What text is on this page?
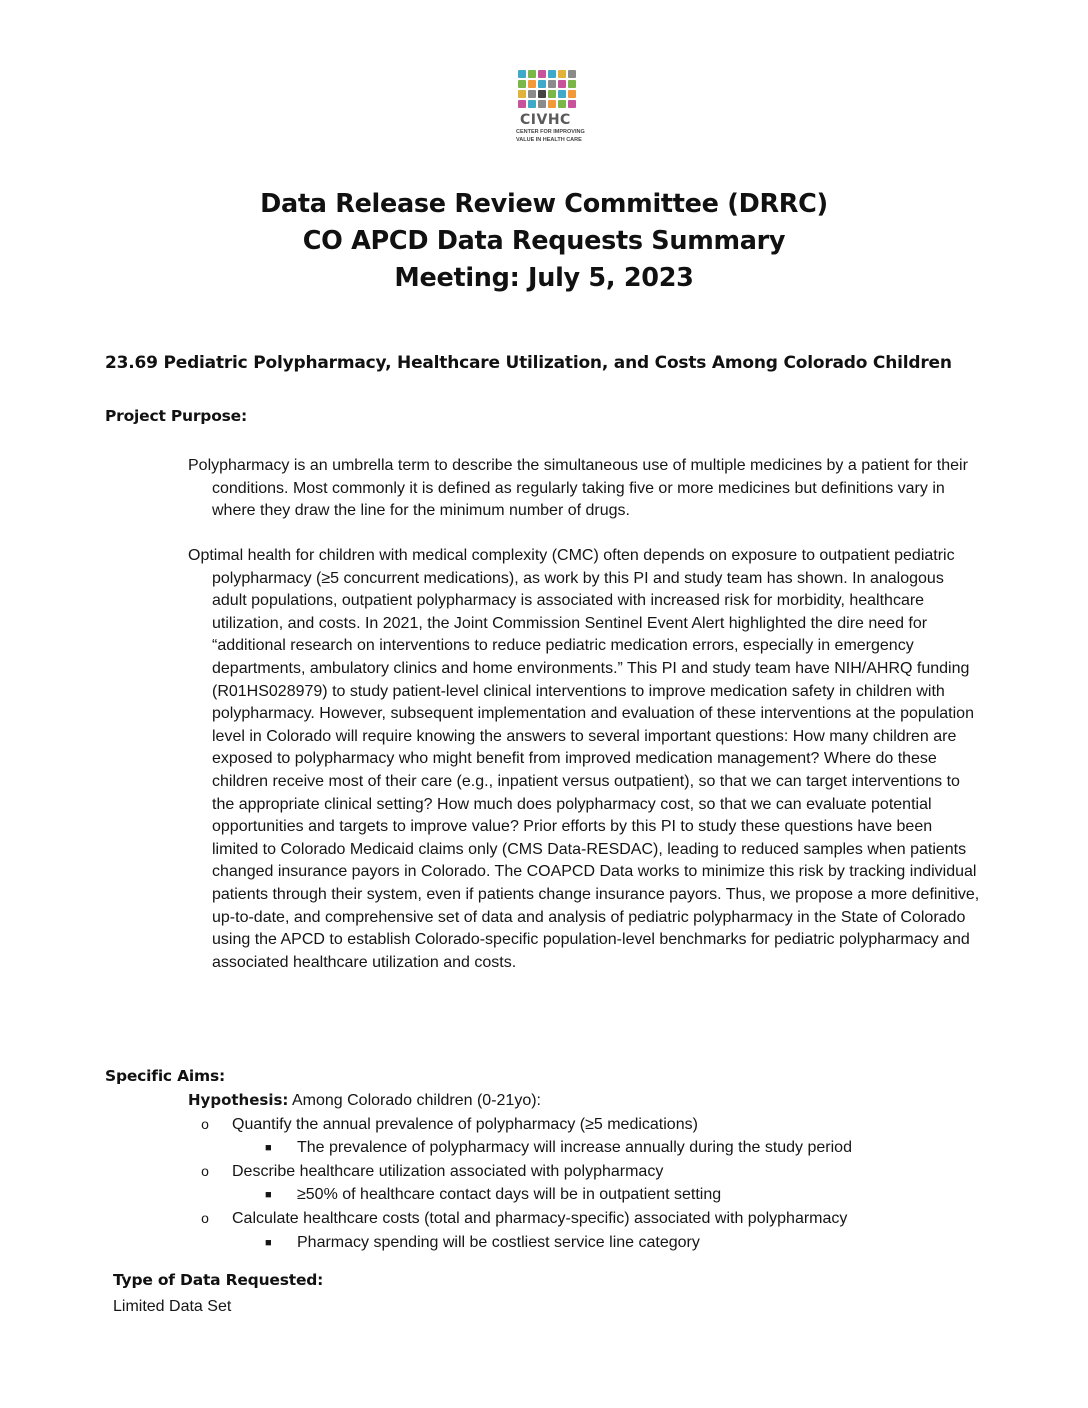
CIVHC
CENTER FOR IMPROVING
VALUE IN HEALTH CARE
Data Release Review Committee (DRRC)
CO APCD Data Requests Summary
Meeting: July 5, 2023
23.69 Pediatric Polypharmacy, Healthcare Utilization, and Costs Among Colorado Children
Project Purpose:
Polypharmacy is an umbrella term to describe the simultaneous use of multiple medicines by a patient for their conditions. Most commonly it is defined as regularly taking five or more medicines but definitions vary in where they draw the line for the minimum number of drugs.
Optimal health for children with medical complexity (CMC) often depends on exposure to outpatient pediatric polypharmacy (≥5 concurrent medications), as work by this PI and study team has shown. In analogous adult populations, outpatient polypharmacy is associated with increased risk for morbidity, healthcare utilization, and costs. In 2021, the Joint Commission Sentinel Event Alert highlighted the dire need for “additional research on interventions to reduce pediatric medication errors, especially in emergency departments, ambulatory clinics and home environments.” This PI and study team have NIH/AHRQ funding (R01HS028979) to study patient-level clinical interventions to improve medication safety in children with polypharmacy. However, subsequent implementation and evaluation of these interventions at the population level in Colorado will require knowing the answers to several important questions: How many children are exposed to polypharmacy who might benefit from improved medication management? Where do these children receive most of their care (e.g., inpatient versus outpatient), so that we can target interventions to the appropriate clinical setting? How much does polypharmacy cost, so that we can evaluate potential opportunities and targets to improve value? Prior efforts by this PI to study these questions have been limited to Colorado Medicaid claims only (CMS Data-RESDAC), leading to reduced samples when patients changed insurance payors in Colorado. The COAPCD Data works to minimize this risk by tracking individual patients through their system, even if patients change insurance payors. Thus, we propose a more definitive, up-to-date, and comprehensive set of data and analysis of pediatric polypharmacy in the State of Colorado using the APCD to establish Colorado-specific population-level benchmarks for pediatric polypharmacy and associated healthcare utilization and costs.
Specific Aims:
Hypothesis: Among Colorado children (0-21yo):
o Quantify the annual prevalence of polypharmacy (≥5 medications)
■ The prevalence of polypharmacy will increase annually during the study period
o Describe healthcare utilization associated with polypharmacy
■ ≥50% of healthcare contact days will be in outpatient setting
o Calculate healthcare costs (total and pharmacy-specific) associated with polypharmacy
■ Pharmacy spending will be costliest service line category
Type of Data Requested:
Limited Data Set
